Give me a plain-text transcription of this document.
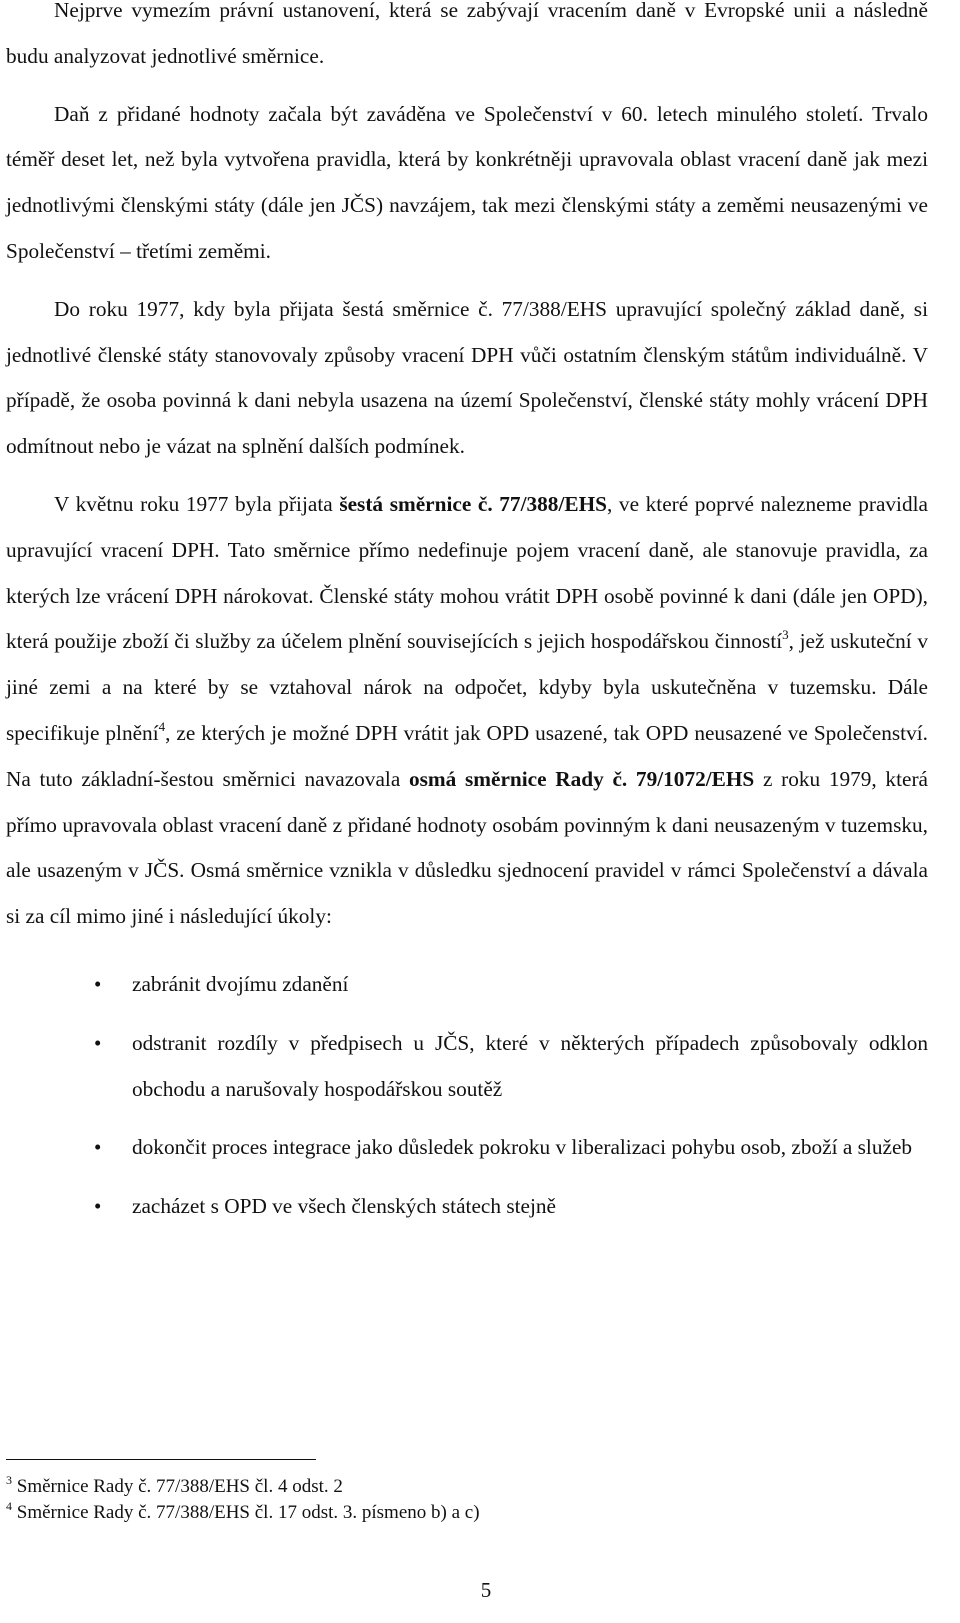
Nejprve vymezím právní ustanovení, která se zabývají vracením daně v Evropské unii a následně budu analyzovat jednotlivé směrnice.

Daň z přidané hodnoty začala být zaváděna ve Společenství v 60. letech minulého století. Trvalo téměř deset let, než byla vytvořena pravidla, která by konkrétněji upravovala oblast vracení daně jak mezi jednotlivými členskými státy (dále jen JČS) navzájem, tak mezi členskými státy a zeměmi neusazenými ve Společenství – třetími zeměmi.

Do roku 1977, kdy byla přijata šestá směrnice č. 77/388/EHS upravující společný základ daně, si jednotlivé členské státy stanovovaly způsoby vracení DPH vůči ostatním členským státům individuálně. V případě, že osoba povinná k dani nebyla usazena na území Společenství, členské státy mohly vrácení DPH odmítnout nebo je vázat na splnění dalších podmínek.

V květnu roku 1977 byla přijata šestá směrnice č. 77/388/EHS, ve které poprvé nalezneme pravidla upravující vracení DPH. Tato směrnice přímo nedefinuje pojem vracení daně, ale stanovuje pravidla, za kterých lze vrácení DPH nárokovat. Členské státy mohou vrátit DPH osobě povinné k dani (dále jen OPD), která použije zboží či služby za účelem plnění souvisejících s jejich hospodářskou činností$^3$, jež uskuteční v jiné zemi a na které by se vztahoval nárok na odpočet, kdyby byla uskutečněna v tuzemsku. Dále specifikuje plnění$^4$, ze kterých je možné DPH vrátit jak OPD usazené, tak OPD neusazené ve Společenství. Na tuto základní-šestou směrnici navazovala osmá směrnice Rady č. 79/1072/EHS z roku 1979, která přímo upravovala oblast vracení daně z přidané hodnoty osobám povinným k dani neusazeným v tuzemsku, ale usazeným v JČS. Osmá směrnice vznikla v důsledku sjednocení pravidel v rámci Společenství a dávala si za cíl mimo jiné i následující úkoly:

• zabránit dvojímu zdanění
• odstranit rozdíly v předpisech u JČS, které v některých případech způsobovaly odklon obchodu a narušovaly hospodářskou soutěž
• dokončit proces integrace jako důsledek pokroku v liberalizaci pohybu osob, zboží a služeb
• zacházet s OPD ve všech členských státech stejně
$^3$ Směrnice Rady č. 77/388/EHS čl. 4 odst. 2
$^4$ Směrnice Rady č. 77/388/EHS čl. 17 odst. 3. písmeno b) a c)
5
